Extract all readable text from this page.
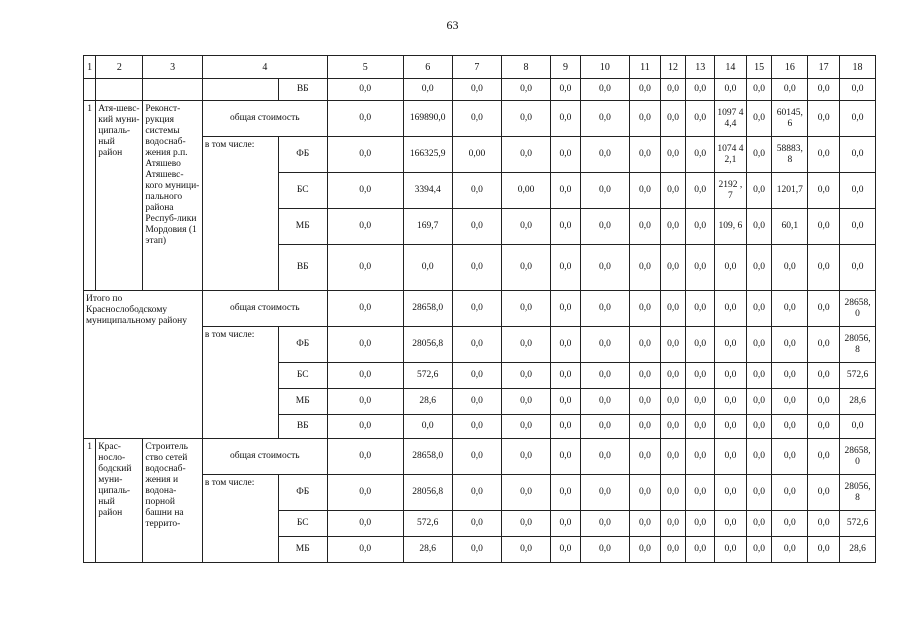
63
1	2	3	4		5	6	7	8	9	10	11	12	13	14	15	16	17	18
				ВБ	0,0	0,0	0,0	0,0	0,0	0,0	0,0	0,0	0,0	0,0	0,0	0,0	0,0	0,0
1	Атя-шевс-кий муни-ципаль-ный район	Реконст-рукция системы водоснаб-жения р.п. Атяшево Атяшевс-кого муници-пального района Респуб-лики Мордовия (1 этап)	общая стоимость		0,0	169890,0	0,0	0,0	0,0	0,0	0,0	0,0	0,0	1097 44,4	0,0	60145, 6	0,0	0,0
			в том числе:	ФБ	0,0	166325,9	0,00	0,0	0,0	0,0	0,0	0,0	0,0	1074 42,1	0,0	58883, 8	0,0	0,0
				БС	0,0	3394,4	0,0	0,00	0,0	0,0	0,0	0,0	0,0	2192 ,7	0,0	1201,7	0,0	0,0
				МБ	0,0	169,7	0,0	0,0	0,0	0,0	0,0	0,0	0,0	109, 6	0,0	60,1	0,0	0,0
				ВБ	0,0	0,0	0,0	0,0	0,0	0,0	0,0	0,0	0,0	0,0	0,0	0,0	0,0	0,0
Итого по Краснослободскому муниципальному району			общая стоимость		0,0	28658,0	0,0	0,0	0,0	0,0	0,0	0,0	0,0	0,0	0,0	0,0	0,0	28658, 0
			в том числе:	ФБ	0,0	28056,8	0,0	0,0	0,0	0,0	0,0	0,0	0,0	0,0	0,0	0,0	0,0	28056, 8
				БС	0,0	572,6	0,0	0,0	0,0	0,0	0,0	0,0	0,0	0,0	0,0	0,0	0,0	572,6
				МБ	0,0	28,6	0,0	0,0	0,0	0,0	0,0	0,0	0,0	0,0	0,0	0,0	0,0	28,6
				ВБ	0,0	0,0	0,0	0,0	0,0	0,0	0,0	0,0	0,0	0,0	0,0	0,0	0,0	0,0
1	Крас-носло-бодский муни-ципаль-ный район	Строитель ство сетей водоснаб-жения и водона-порной башни на террито-	общая стоимость		0,0	28658,0	0,0	0,0	0,0	0,0	0,0	0,0	0,0	0,0	0,0	0,0	0,0	28658, 0
			в том числе:	ФБ	0,0	28056,8	0,0	0,0	0,0	0,0	0,0	0,0	0,0	0,0	0,0	0,0	0,0	28056, 8
				БС	0,0	572,6	0,0	0,0	0,0	0,0	0,0	0,0	0,0	0,0	0,0	0,0	0,0	572,6
				МБ	0,0	28,6	0,0	0,0	0,0	0,0	0,0	0,0	0,0	0,0	0,0	0,0	0,0	28,6
